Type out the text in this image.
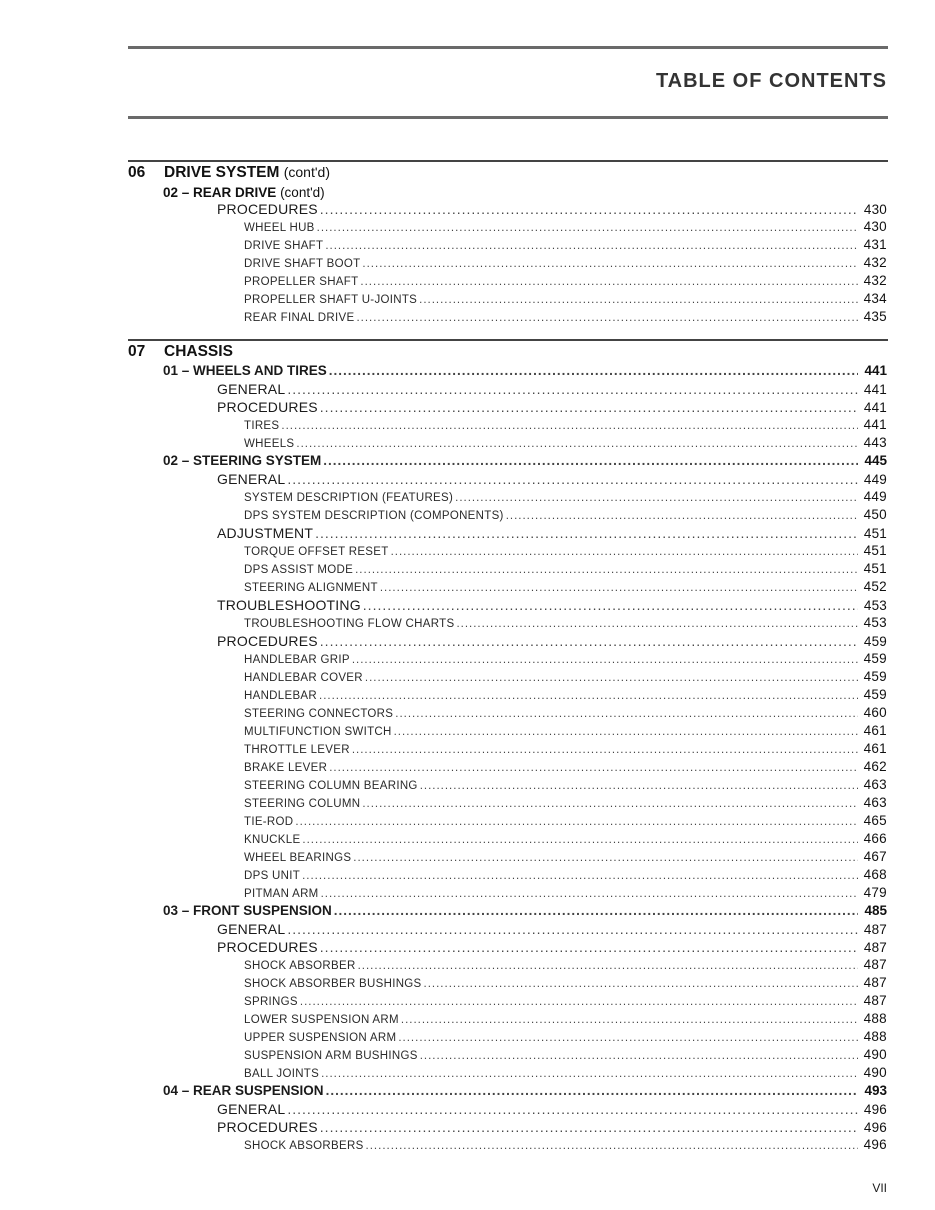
TABLE OF CONTENTS
06 DRIVE SYSTEM (cont'd)
02 – REAR DRIVE (cont'd)
PROCEDURES .....	430
WHEEL HUB .....	430
DRIVE SHAFT .....	431
DRIVE SHAFT BOOT .....	432
PROPELLER SHAFT .....	432
PROPELLER SHAFT U-JOINTS .....	434
REAR FINAL DRIVE .....	435
07 CHASSIS
01 – WHEELS AND TIRES .....	441
GENERAL .....	441
PROCEDURES .....	441
TIRES .....	441
WHEELS .....	443
02 – STEERING SYSTEM .....	445
GENERAL .....	449
SYSTEM DESCRIPTION (FEATURES) .....	449
DPS SYSTEM DESCRIPTION (COMPONENTS) .....	450
ADJUSTMENT .....	451
TORQUE OFFSET RESET .....	451
DPS ASSIST MODE .....	451
STEERING ALIGNMENT .....	452
TROUBLESHOOTING .....	453
TROUBLESHOOTING FLOW CHARTS .....	453
PROCEDURES .....	459
HANDLEBAR GRIP .....	459
HANDLEBAR COVER .....	459
HANDLEBAR .....	459
STEERING CONNECTORS .....	460
MULTIFUNCTION SWITCH .....	461
THROTTLE LEVER .....	461
BRAKE LEVER .....	462
STEERING COLUMN BEARING .....	463
STEERING COLUMN .....	463
TIE-ROD .....	465
KNUCKLE .....	466
WHEEL BEARINGS .....	467
DPS UNIT .....	468
PITMAN ARM .....	479
03 – FRONT SUSPENSION .....	485
GENERAL .....	487
PROCEDURES .....	487
SHOCK ABSORBER .....	487
SHOCK ABSORBER BUSHINGS .....	487
SPRINGS .....	487
LOWER SUSPENSION ARM .....	488
UPPER SUSPENSION ARM .....	488
SUSPENSION ARM BUSHINGS .....	490
BALL JOINTS .....	490
04 – REAR SUSPENSION .....	493
GENERAL .....	496
PROCEDURES .....	496
SHOCK ABSORBERS .....	496
VII
